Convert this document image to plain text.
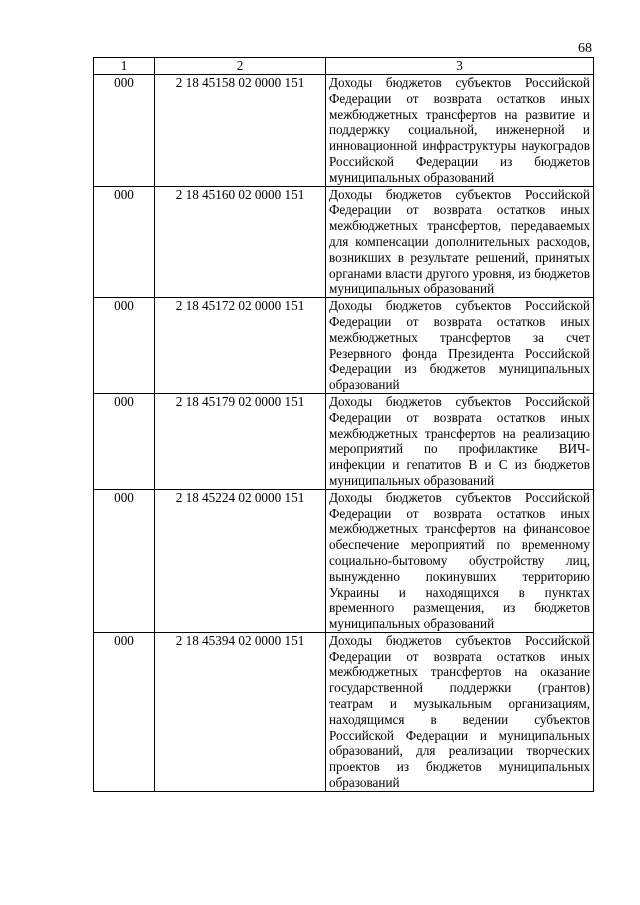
68
1	2	3
000	2 18 45158 02 0000 151	Доходы бюджетов субъектов Российской Федерации от возврата остатков иных межбюджетных трансфертов на развитие и поддержку социальной, инженерной и инновационной инфраструктуры наукоградов Российской Федерации из бюджетов муниципальных образований
000	2 18 45160 02 0000 151	Доходы бюджетов субъектов Российской Федерации от возврата остатков иных межбюджетных трансфертов, передаваемых для компенсации дополнительных расходов, возникших в результате решений, принятых органами власти другого уровня, из бюджетов муниципальных образований
000	2 18 45172 02 0000 151	Доходы бюджетов субъектов Российской Федерации от возврата остатков иных межбюджетных трансфертов за счет Резервного фонда Президента Российской Федерации из бюджетов муниципальных образований
000	2 18 45179 02 0000 151	Доходы бюджетов субъектов Российской Федерации от возврата остатков иных межбюджетных трансфертов на реализацию мероприятий по профилактике ВИЧ-инфекции и гепатитов B и C из бюджетов муниципальных образований
000	2 18 45224 02 0000 151	Доходы бюджетов субъектов Российской Федерации от возврата остатков иных межбюджетных трансфертов на финансовое обеспечение мероприятий по временному социально-бытовому обустройству лиц, вынужденно покинувших территорию Украины и находящихся в пунктах временного размещения, из бюджетов муниципальных образований
000	2 18 45394 02 0000 151	Доходы бюджетов субъектов Российской Федерации от возврата остатков иных межбюджетных трансфертов на оказание государственной поддержки (грантов) театрам и музыкальным организациям, находящимся в ведении субъектов Российской Федерации и муниципальных образований, для реализации творческих проектов из бюджетов муниципальных образований
